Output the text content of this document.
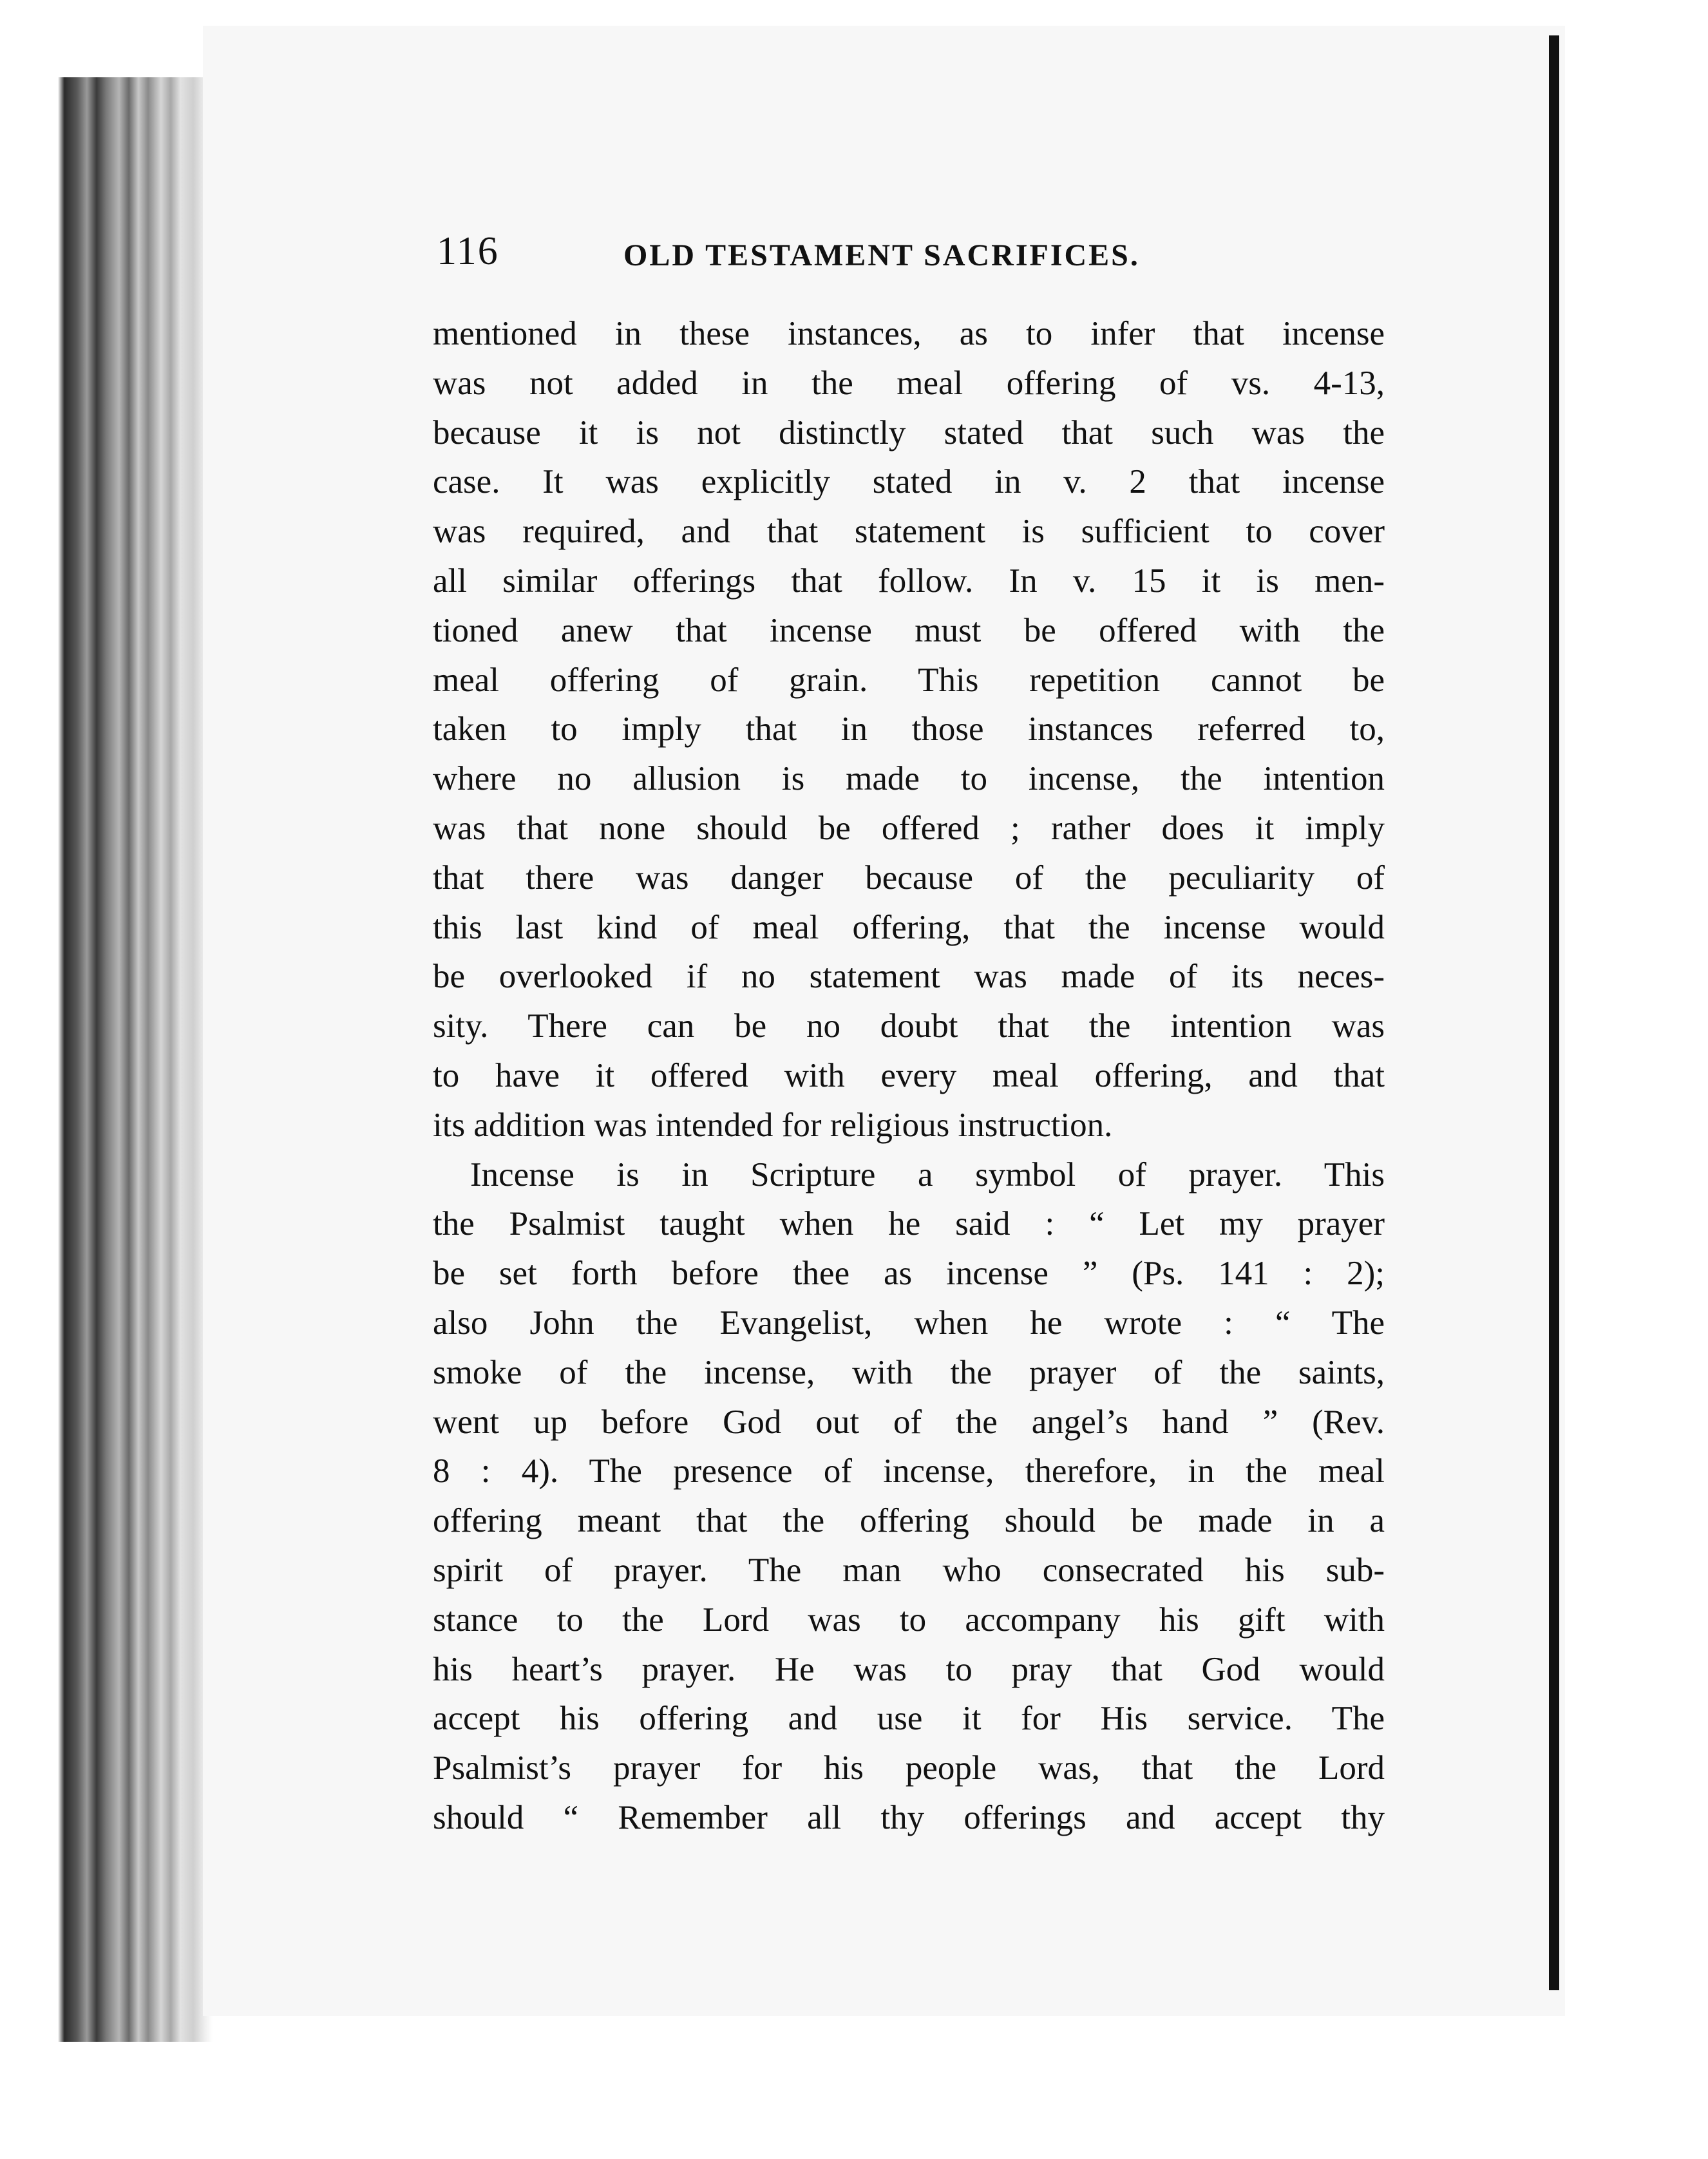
116	OLD TESTAMENT SACRIFICES.
mentioned in these instances, as to infer that incense
was not added in the meal offering of vs. 4-13,
because it is not distinctly stated that such was the
case. It was explicitly stated in v. 2 that incense
was required, and that statement is sufficient to cover
all similar offerings that follow. In v. 15 it is men-
tioned anew that incense must be offered with the
meal offering of grain. This repetition cannot be
taken to imply that in those instances referred to,
where no allusion is made to incense, the intention
was that none should be offered ; rather does it imply
that there was danger because of the peculiarity of
this last kind of meal offering, that the incense would
be overlooked if no statement was made of its neces-
sity. There can be no doubt that the intention was
to have it offered with every meal offering, and that
its addition was intended for religious instruction.
Incense is in Scripture a symbol of prayer. This
the Psalmist taught when he said : “ Let my prayer
be set forth before thee as incense ” (Ps. 141 : 2);
also John the Evangelist, when he wrote : “ The
smoke of the incense, with the prayer of the saints,
went up before God out of the angel’s hand ” (Rev.
8 : 4). The presence of incense, therefore, in the meal
offering meant that the offering should be made in a
spirit of prayer. The man who consecrated his sub-
stance to the Lord was to accompany his gift with
his heart’s prayer. He was to pray that God would
accept his offering and use it for His service. The
Psalmist’s prayer for his people was, that the Lord
should “ Remember all thy offerings and accept thy
